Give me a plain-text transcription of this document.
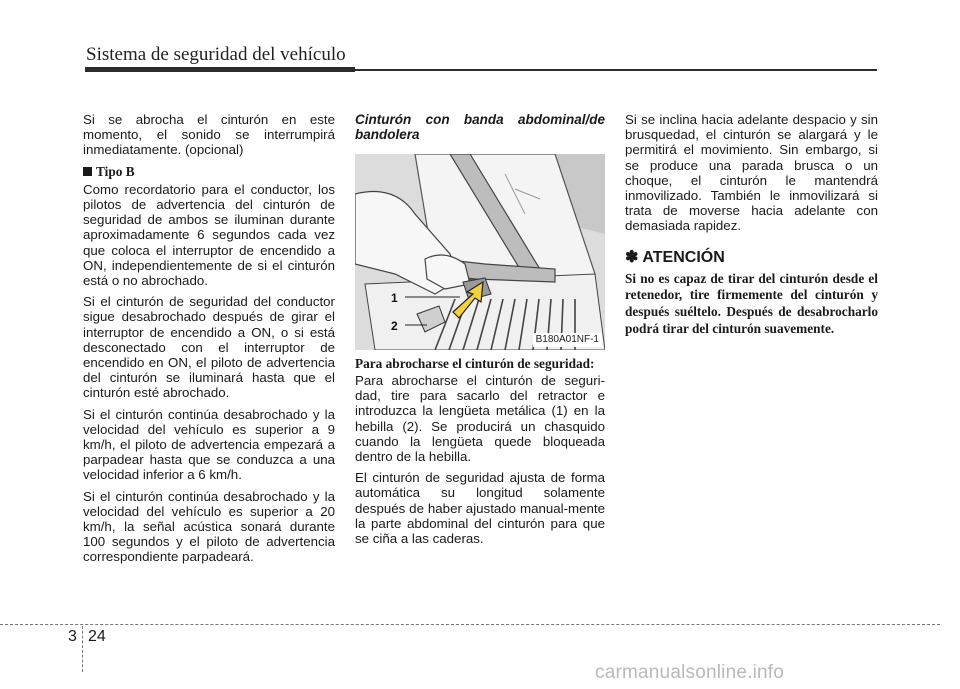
Sistema de seguridad del vehículo

Si se abrocha el cinturón en este momento, el sonido se interrumpirá inmediatamente. (opcional)

Tipo B

Como recordatorio para el conductor, los pilotos de advertencia del cinturón de seguridad de ambos se iluminan durante aproximadamente 6 segundos cada vez que coloca el interruptor de encendido a ON, independientemente de si el cinturón está o no abrochado.

Si el cinturón de seguridad del conductor sigue desabrochado después de girar el interruptor de encendido a ON, o si está desconectado con el interruptor de encendido en ON, el piloto de advertencia del cinturón se iluminará hasta que el cinturón esté abrochado.

Si el cinturón continúa desabrochado y la velocidad del vehículo es superior a 9 km/h, el piloto de advertencia empezará a parpadear hasta que se conduzca a una velocidad inferior a 6 km/h.

Si el cinturón continúa desabrochado y la velocidad del vehículo es superior a 20 km/h, la señal acústica sonará durante 100 segundos y el piloto de advertencia correspondiente parpadeará.

Cinturón con banda abdominal/de bandolera
1
2
B180A01NF-1
Para abrocharse el cinturón de seguridad:

Para abrocharse el cinturón de seguri-dad, tire para sacarlo del retractor e introduzca la lengüeta metálica (1) en la hebilla (2). Se producirá un chasquido cuando la lengüeta quede bloqueada dentro de la hebilla.

El cinturón de seguridad ajusta de forma automática su longitud solamente después de haber ajustado manual-mente la parte abdominal del cinturón para que se ciña a las caderas.

Si se inclina hacia adelante despacio y sin brusquedad, el cinturón se alargará y le permitirá el movimiento. Sin embargo, si se produce una parada brusca o un choque, el cinturón le mantendrá inmovilizado. También le inmovilizará si trata de moverse hacia adelante con demasiada rapidez.

✽ ATENCIÓN
Si no es capaz de tirar del cinturón desde el retenedor, tire firmemente del cinturón y después suéltelo. Después de desabrocharlo podrá tirar del cinturón suavemente.
3 24
carmanualsonline.info
